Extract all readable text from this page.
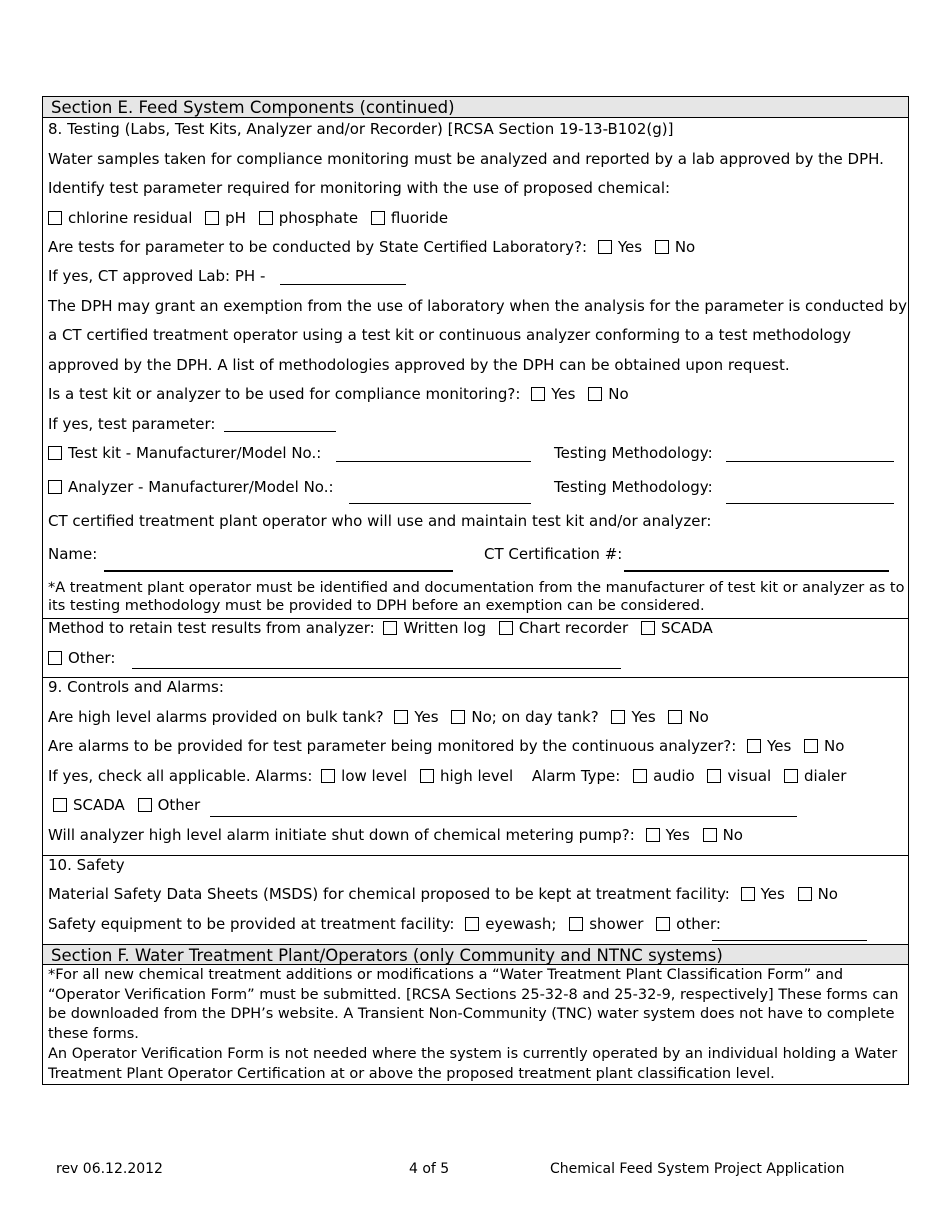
Section E. Feed System Components (continued)
8. Testing (Labs, Test Kits, Analyzer and/or Recorder) [RCSA Section 19-13-B102(g)]
Water samples taken for compliance monitoring must be analyzed and reported by a lab approved by the DPH.
Identify test parameter required for monitoring with the use of proposed chemical:
chlorine residual pH phosphate fluoride
Are tests for parameter to be conducted by State Certified Laboratory?: Yes No
If yes, CT approved Lab: PH -
The DPH may grant an exemption from the use of laboratory when the analysis for the parameter is conducted by
a CT certified treatment operator using a test kit or continuous analyzer conforming to a test methodology
approved by the DPH. A list of methodologies approved by the DPH can be obtained upon request.
Is a test kit or analyzer to be used for compliance monitoring?: Yes No
If yes, test parameter:
Test kit - Manufacturer/Model No.:	Testing Methodology:
Analyzer - Manufacturer/Model No.:	Testing Methodology:
CT certified treatment plant operator who will use and maintain test kit and/or analyzer:
Name:	CT Certification #:
*A treatment plant operator must be identified and documentation from the manufacturer of test kit or analyzer as to its testing methodology must be provided to DPH before an exemption can be considered.
Method to retain test results from analyzer: Written log Chart recorder SCADA
Other:
9. Controls and Alarms:
Are high level alarms provided on bulk tank? Yes No; on day tank? Yes No
Are alarms to be provided for test parameter being monitored by the continuous analyzer?: Yes No
If yes, check all applicable. Alarms: low level high level Alarm Type: audio visual dialer
SCADA Other
Will analyzer high level alarm initiate shut down of chemical metering pump?: Yes No
10. Safety
Material Safety Data Sheets (MSDS) for chemical proposed to be kept at treatment facility: Yes No
Safety equipment to be provided at treatment facility: eyewash; shower other:
Section F. Water Treatment Plant/Operators (only Community and NTNC systems)
*For all new chemical treatment additions or modifications a “Water Treatment Plant Classification Form” and “Operator Verification Form” must be submitted. [RCSA Sections 25-32-8 and 25-32-9, respectively] These forms can be downloaded from the DPH’s website. A Transient Non-Community (TNC) water system does not have to complete these forms.
An Operator Verification Form is not needed where the system is currently operated by an individual holding a Water Treatment Plant Operator Certification at or above the proposed treatment plant classification level.
rev 06.12.2012	4 of 5	Chemical Feed System Project Application
